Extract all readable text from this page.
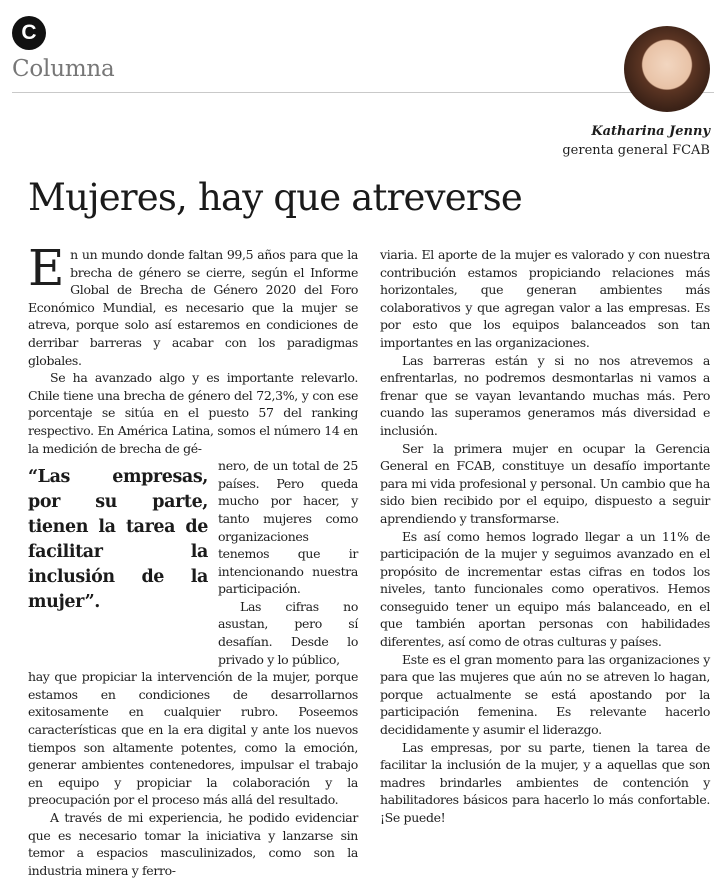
C
Columna
Katharina Jenny
gerenta general FCAB
Mujeres, hay que atreverse

En un mundo donde faltan 99,5 años para que la brecha de género se cierre, según el Informe Global de Brecha de Género 2020 del Foro Económico Mundial, es necesario que la mujer se atreva, porque solo así estaremos en condiciones de derribar barreras y acabar con los paradigmas globales.

Se ha avanzado algo y es importante relevarlo. Chile tiene una brecha de género del 72,3%, y con ese porcentaje se sitúa en el puesto 57 del ranking respectivo. En América Latina, somos el número 14 en la medición de brecha de gé-

“Las empresas, por su parte, tienen la tarea de facilitar la inclusión de la mujer”.

nero, de un total de 25 países. Pero queda mucho por hacer, y tanto mujeres como organizaciones tenemos que ir intencionando nuestra participación.

Las cifras no asustan, pero sí desafían. Desde lo privado y lo público,

hay que propiciar la intervención de la mujer, porque estamos en condiciones de desarrollarnos exitosamente en cualquier rubro. Poseemos características que en la era digital y ante los nuevos tiempos son altamente potentes, como la emoción, generar ambientes contenedores, impulsar el trabajo en equipo y propiciar la colaboración y la preocupación por el proceso más allá del resultado.

A través de mi experiencia, he podido evidenciar que es necesario tomar la iniciativa y lanzarse sin temor a espacios masculinizados, como son la industria minera y ferro-

viaria. El aporte de la mujer es valorado y con nuestra contribución estamos propiciando relaciones más horizontales, que generan ambientes más colaborativos y que agregan valor a las empresas. Es por esto que los equipos balanceados son tan importantes en las organizaciones.

Las barreras están y si no nos atrevemos a enfrentarlas, no podremos desmontarlas ni vamos a frenar que se vayan levantando muchas más. Pero cuando las superamos generamos más diversidad e inclusión.

Ser la primera mujer en ocupar la Gerencia General en FCAB, constituye un desafío importante para mi vida profesional y personal. Un cambio que ha sido bien recibido por el equipo, dispuesto a seguir aprendiendo y transformarse.

Es así como hemos logrado llegar a un 11% de participación de la mujer y seguimos avanzado en el propósito de incrementar estas cifras en todos los niveles, tanto funcionales como operativos. Hemos conseguido tener un equipo más balanceado, en el que también aportan personas con habilidades diferentes, así como de otras culturas y países.

Este es el gran momento para las organizaciones y para que las mujeres que aún no se atreven lo hagan, porque actualmente se está apostando por la participación femenina. Es relevante hacerlo decididamente y asumir el liderazgo.

Las empresas, por su parte, tienen la tarea de facilitar la inclusión de la mujer, y a aquellas que son madres brindarles ambientes de contención y habilitadores básicos para hacerlo lo más confortable. ¡Se puede!
